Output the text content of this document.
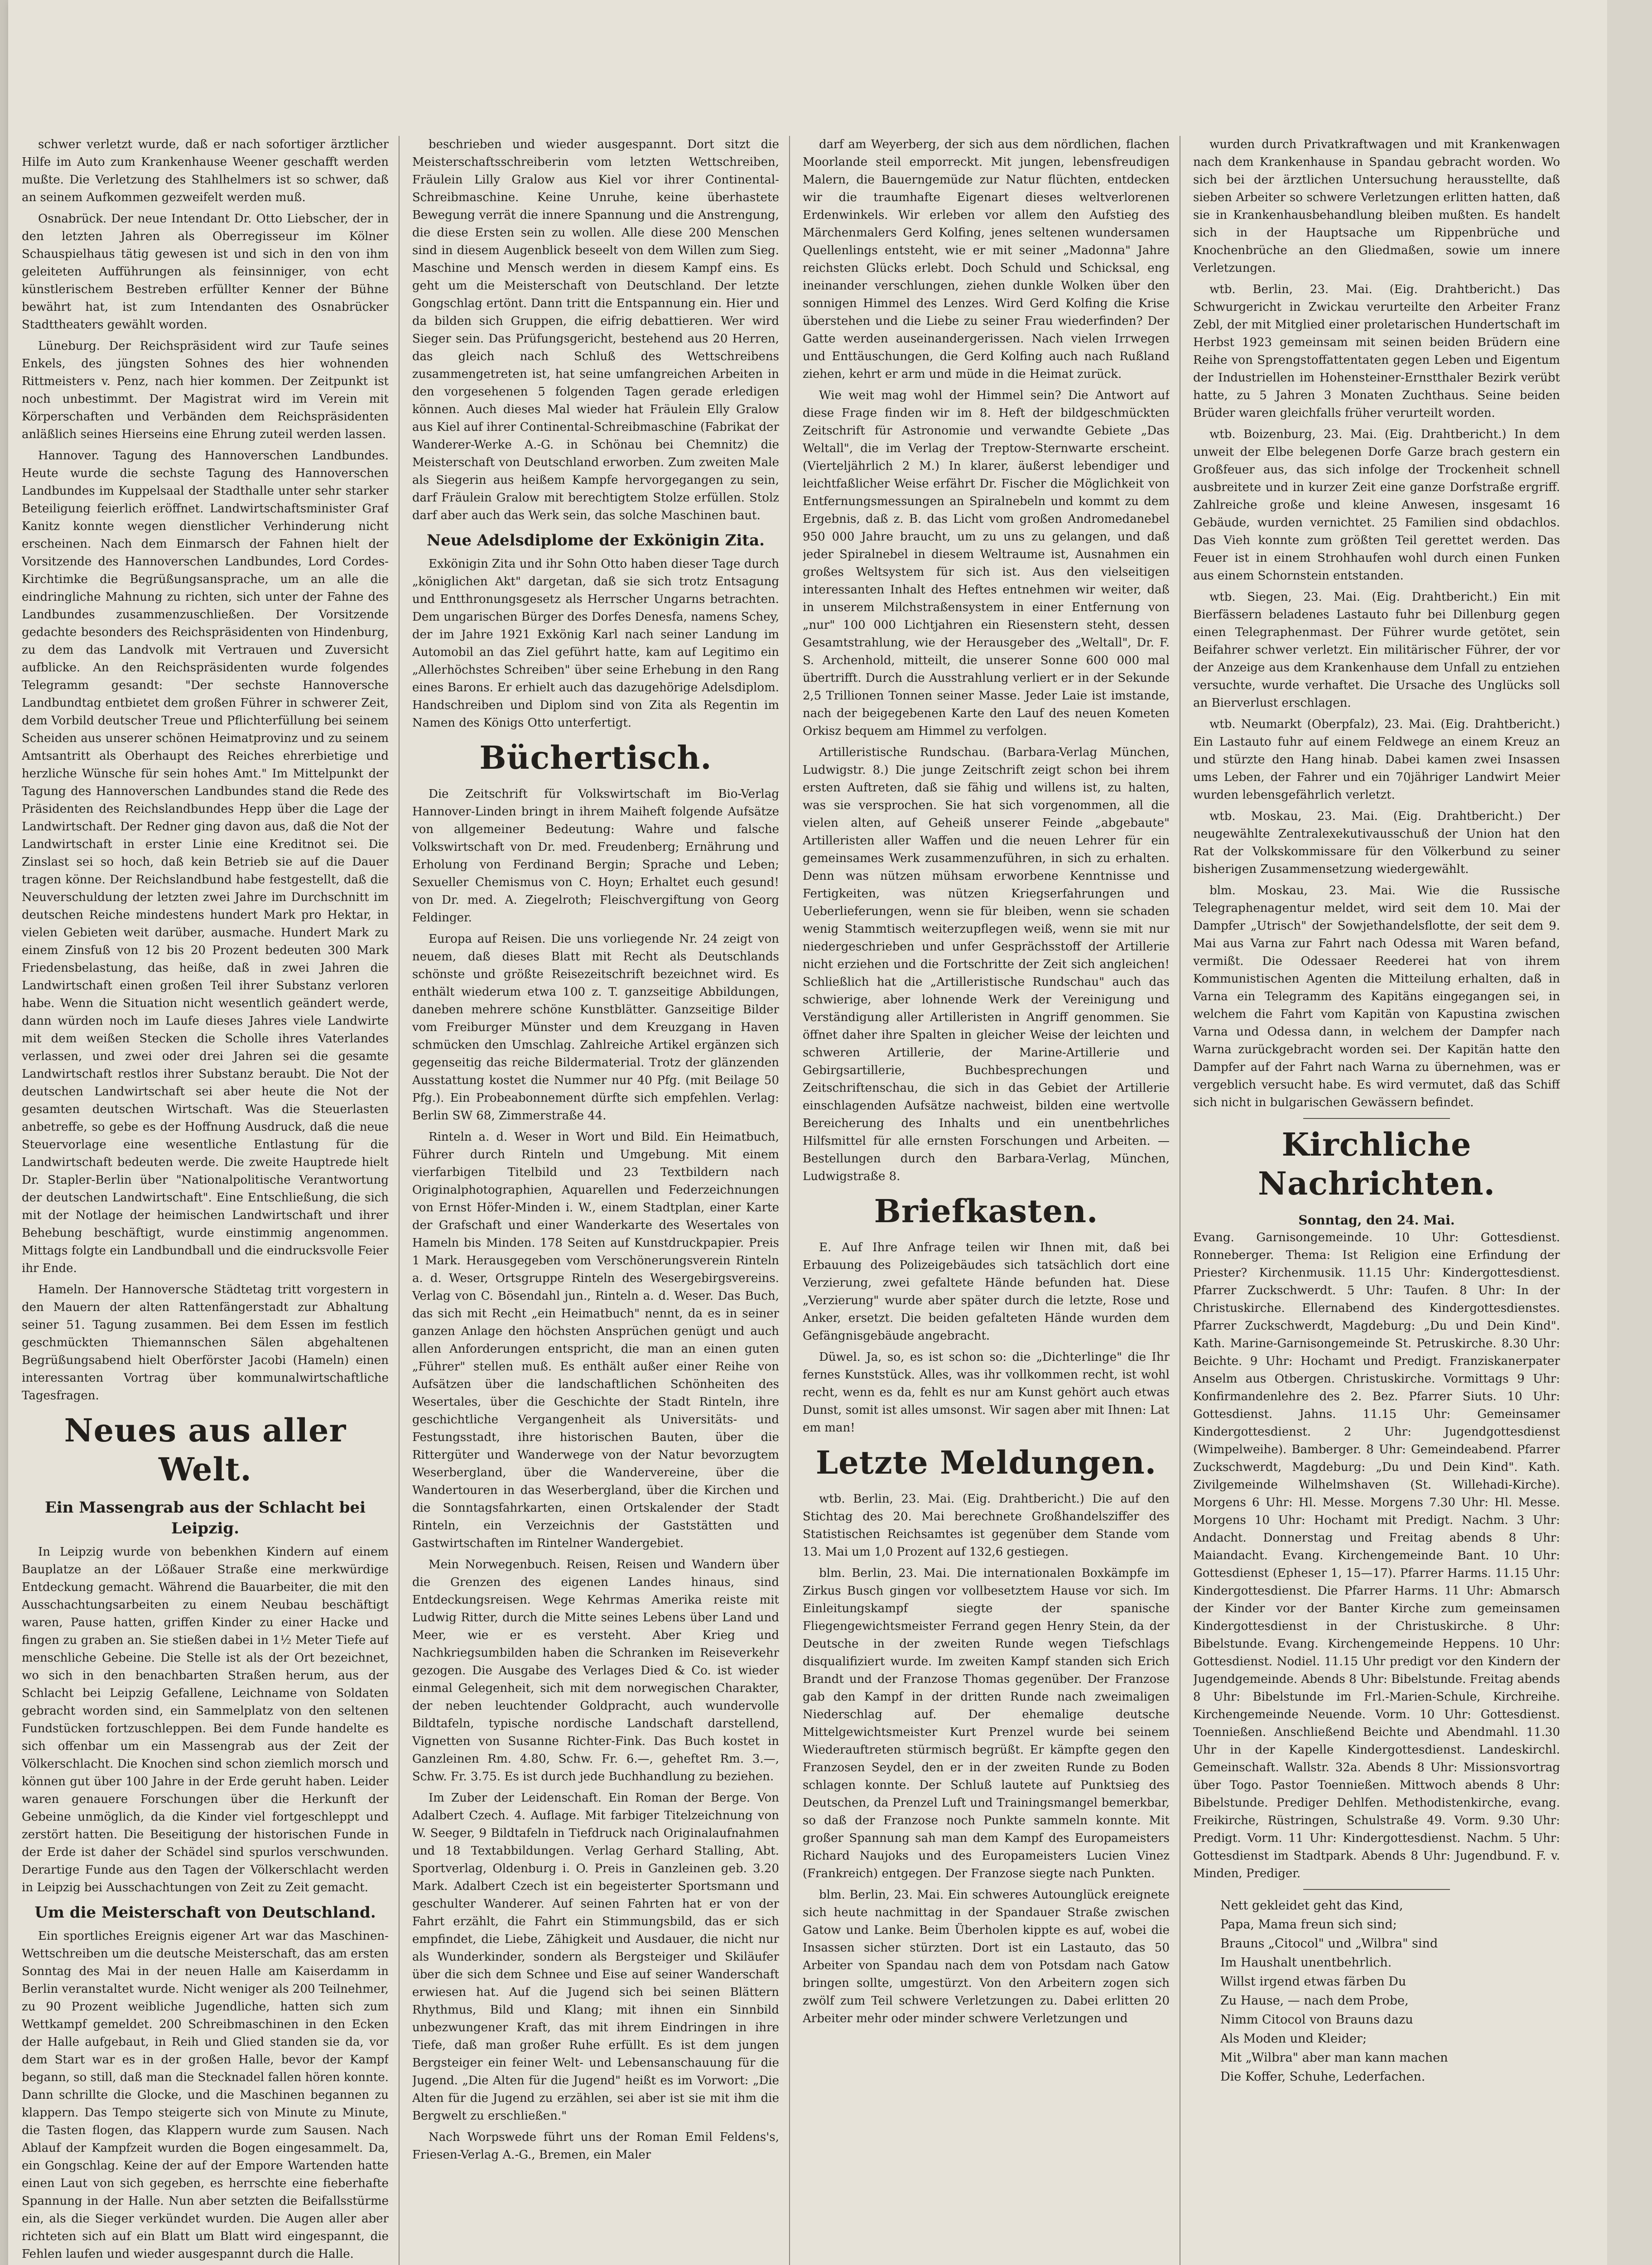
schwer verletzt wurde, daß er nach sofortiger ärztlicher Hilfe im Auto zum Krankenhause Weener geschafft werden mußte. Die Verletzung des Stahlhelmers ist so schwer, daß an seinem Aufkommen gezweifelt werden muß.

Osnabrück. Der neue Intendant Dr. Otto Liebscher, der in den letzten Jahren als Oberregisseur im Kölner Schauspielhaus tätig gewesen ist und sich in den von ihm geleiteten Aufführungen als feinsinniger, von echt künstlerischem Bestreben erfüllter Kenner der Bühne bewährt hat, ist zum Intendanten des Osnabrücker Stadttheaters gewählt worden.

Lüneburg. Der Reichspräsident wird zur Taufe seines Enkels, des jüngsten Sohnes des hier wohnenden Rittmeisters v. Penz, nach hier kommen. Der Zeitpunkt ist noch unbestimmt. Der Magistrat wird im Verein mit Körperschaften und Verbänden dem Reichspräsidenten anläßlich seines Hierseins eine Ehrung zuteil werden lassen.

Hannover. Tagung des Hannoverschen Landbundes. Heute wurde die sechste Tagung des Hannoverschen Landbundes im Kuppelsaal der Stadthalle unter sehr starker Beteiligung feierlich eröffnet. Landwirtschaftsminister Graf Kanitz konnte wegen dienstlicher Verhinderung nicht erscheinen. Nach dem Einmarsch der Fahnen hielt der Vorsitzende des Hannoverschen Landbundes, Lord Cordes-Kirchtimke die Begrüßungsansprache, um an alle die eindringliche Mahnung zu richten, sich unter der Fahne des Landbundes zusammenzuschließen. Der Vorsitzende gedachte besonders des Reichspräsidenten von Hindenburg, zu dem das Landvolk mit Vertrauen und Zuversicht aufblicke. An den Reichspräsidenten wurde folgendes Telegramm gesandt: "Der sechste Hannoversche Landbundtag entbietet dem großen Führer in schwerer Zeit, dem Vorbild deutscher Treue und Pflichterfüllung bei seinem Scheiden aus unserer schönen Heimatprovinz und zu seinem Amtsantritt als Oberhaupt des Reiches ehrerbietige und herzliche Wünsche für sein hohes Amt." Im Mittelpunkt der Tagung des Hannoverschen Landbundes stand die Rede des Präsidenten des Reichslandbundes Hepp über die Lage der Landwirtschaft. Der Redner ging davon aus, daß die Not der Landwirtschaft in erster Linie eine Kreditnot sei. Die Zinslast sei so hoch, daß kein Betrieb sie auf die Dauer tragen könne. Der Reichslandbund habe festgestellt, daß die Neuverschuldung der letzten zwei Jahre im Durchschnitt im deutschen Reiche mindestens hundert Mark pro Hektar, in vielen Gebieten weit darüber, ausmache. Hundert Mark zu einem Zinsfuß von 12 bis 20 Prozent bedeuten 300 Mark Friedensbelastung, das heiße, daß in zwei Jahren die Landwirtschaft einen großen Teil ihrer Substanz verloren habe. Wenn die Situation nicht wesentlich geändert werde, dann würden noch im Laufe dieses Jahres viele Landwirte mit dem weißen Stecken die Scholle ihres Vaterlandes verlassen, und zwei oder drei Jahren sei die gesamte Landwirtschaft restlos ihrer Substanz beraubt. Die Not der deutschen Landwirtschaft sei aber heute die Not der gesamten deutschen Wirtschaft. Was die Steuerlasten anbetreffe, so gebe es der Hoffnung Ausdruck, daß die neue Steuervorlage eine wesentliche Entlastung für die Landwirtschaft bedeuten werde. Die zweite Hauptrede hielt Dr. Stapler-Berlin über "Nationalpolitische Verantwortung der deutschen Landwirtschaft". Eine Entschließung, die sich mit der Notlage der heimischen Landwirtschaft und ihrer Behebung beschäftigt, wurde einstimmig angenommen. Mittags folgte ein Landbundball und die eindrucksvolle Feier ihr Ende.

Hameln. Der Hannoversche Städtetag tritt vorgestern in den Mauern der alten Rattenfängerstadt zur Abhaltung seiner 51. Tagung zusammen. Bei dem Essen im festlich geschmückten Thiemannschen Sälen abgehaltenen Begrüßungsabend hielt Oberförster Jacobi (Hameln) einen interessanten Vortrag über kommunalwirtschaftliche Tagesfragen.

Neues aus aller Welt.
Ein Massengrab aus der Schlacht bei Leipzig.

In Leipzig wurde von bebenkhen Kindern auf einem Bauplatze an der Lößauer Straße eine merkwürdige Entdeckung gemacht. Während die Bauarbeiter, die mit den Ausschachtungsarbeiten zu einem Neubau beschäftigt waren, Pause hatten, griffen Kinder zu einer Hacke und fingen zu graben an. Sie stießen dabei in 1½ Meter Tiefe auf menschliche Gebeine. Die Stelle ist als der Ort bezeichnet, wo sich in den benachbarten Straßen herum, aus der Schlacht bei Leipzig Gefallene, Leichname von Soldaten gebracht worden sind, ein Sammelplatz von den seltenen Fundstücken fortzuschleppen. Bei dem Funde handelte es sich offenbar um ein Massengrab aus der Zeit der Völkerschlacht. Die Knochen sind schon ziemlich morsch und können gut über 100 Jahre in der Erde geruht haben. Leider waren genauere Forschungen über die Herkunft der Gebeine unmöglich, da die Kinder viel fortgeschleppt und zerstört hatten. Die Beseitigung der historischen Funde in der Erde ist daher der Schädel sind spurlos verschwunden. Derartige Funde aus den Tagen der Völkerschlacht werden in Leipzig bei Ausschachtungen von Zeit zu Zeit gemacht.

Um die Meisterschaft von Deutschland.

Ein sportliches Ereignis eigener Art war das Maschinen-Wettschreiben um die deutsche Meisterschaft, das am ersten Sonntag des Mai in der neuen Halle am Kaiserdamm in Berlin veranstaltet wurde. Nicht weniger als 200 Teilnehmer, zu 90 Prozent weibliche Jugendliche, hatten sich zum Wettkampf gemeldet. 200 Schreibmaschinen in den Ecken der Halle aufgebaut, in Reih und Glied standen sie da, vor dem Start war es in der großen Halle, bevor der Kampf begann, so still, daß man die Stecknadel fallen hören konnte. Dann schrillte die Glocke, und die Maschinen begannen zu klappern. Das Tempo steigerte sich von Minute zu Minute, die Tasten flogen, das Klappern wurde zum Sausen. Nach Ablauf der Kampfzeit wurden die Bogen eingesammelt. Da, ein Gongschlag. Keine der auf der Empore Wartenden hatte einen Laut von sich gegeben, es herrschte eine fieberhafte Spannung in der Halle. Nun aber setzten die Beifallsstürme ein, als die Sieger verkündet wurden. Die Augen aller aber richteten sich auf ein Blatt um Blatt wird eingespannt, die Fehlen laufen und wieder ausgespannt durch die Halle.

beschrieben und wieder ausgespannt. Dort sitzt die Meisterschaftsschreiberin vom letzten Wettschreiben, Fräulein Lilly Gralow aus Kiel vor ihrer Continental-Schreibmaschine. Keine Unruhe, keine überhastete Bewegung verrät die innere Spannung und die Anstrengung, die diese Ersten sein zu wollen. Alle diese 200 Menschen sind in diesem Augenblick beseelt von dem Willen zum Sieg. Maschine und Mensch werden in diesem Kampf eins. Es geht um die Meisterschaft von Deutschland. Der letzte Gongschlag ertönt. Dann tritt die Entspannung ein. Hier und da bilden sich Gruppen, die eifrig debattieren. Wer wird Sieger sein. Das Prüfungsgericht, bestehend aus 20 Herren, das gleich nach Schluß des Wettschreibens zusammengetreten ist, hat seine umfangreichen Arbeiten in den vorgesehenen 5 folgenden Tagen gerade erledigen können. Auch dieses Mal wieder hat Fräulein Elly Gralow aus Kiel auf ihrer Continental-Schreibmaschine (Fabrikat der Wanderer-Werke A.-G. in Schönau bei Chemnitz) die Meisterschaft von Deutschland erworben. Zum zweiten Male als Siegerin aus heißem Kampfe hervorgegangen zu sein, darf Fräulein Gralow mit berechtigtem Stolze erfüllen. Stolz darf aber auch das Werk sein, das solche Maschinen baut.

Neue Adelsdiplome der Exkönigin Zita.

Exkönigin Zita und ihr Sohn Otto haben dieser Tage durch „königlichen Akt" dargetan, daß sie sich trotz Entsagung und Entthronungsgesetz als Herrscher Ungarns betrachten. Dem ungarischen Bürger des Dorfes Denesfa, namens Schey, der im Jahre 1921 Exkönig Karl nach seiner Landung im Automobil an das Ziel geführt hatte, kam auf Legitimo ein „Allerhöchstes Schreiben" über seine Erhebung in den Rang eines Barons. Er erhielt auch das dazugehörige Adelsdiplom. Handschreiben und Diplom sind von Zita als Regentin im Namen des Königs Otto unterfertigt.

Büchertisch.

Die Zeitschrift für Volkswirtschaft im Bio-Verlag Hannover-Linden bringt in ihrem Maiheft folgende Aufsätze von allgemeiner Bedeutung: Wahre und falsche Volkswirtschaft von Dr. med. Freudenberg; Ernährung und Erholung von Ferdinand Bergin; Sprache und Leben; Sexueller Chemismus von C. Hoyn; Erhaltet euch gesund! von Dr. med. A. Ziegelroth; Fleischvergiftung von Georg Feldinger.

Europa auf Reisen. Die uns vorliegende Nr. 24 zeigt von neuem, daß dieses Blatt mit Recht als Deutschlands schönste und größte Reisezeitschrift bezeichnet wird. Es enthält wiederum etwa 100 z. T. ganzseitige Abbildungen, daneben mehrere schöne Kunstblätter. Ganzseitige Bilder vom Freiburger Münster und dem Kreuzgang in Haven schmücken den Umschlag. Zahlreiche Artikel ergänzen sich gegenseitig das reiche Bildermaterial. Trotz der glänzenden Ausstattung kostet die Nummer nur 40 Pfg. (mit Beilage 50 Pfg.). Ein Probeabonnement dürfte sich empfehlen. Verlag: Berlin SW 68, Zimmerstraße 44.

Rinteln a. d. Weser in Wort und Bild. Ein Heimatbuch, Führer durch Rinteln und Umgebung. Mit einem vierfarbigen Titelbild und 23 Textbildern nach Originalphotographien, Aquarellen und Federzeichnungen von Ernst Höfer-Minden i. W., einem Stadtplan, einer Karte der Grafschaft und einer Wanderkarte des Wesertales von Hameln bis Minden. 178 Seiten auf Kunstdruckpapier. Preis 1 Mark. Herausgegeben vom Verschönerungsverein Rinteln a. d. Weser, Ortsgruppe Rinteln des Wesergebirgsvereins. Verlag von C. Bösendahl jun., Rinteln a. d. Weser. Das Buch, das sich mit Recht „ein Heimatbuch" nennt, da es in seiner ganzen Anlage den höchsten Ansprüchen genügt und auch allen Anforderungen entspricht, die man an einen guten „Führer" stellen muß. Es enthält außer einer Reihe von Aufsätzen über die landschaftlichen Schönheiten des Wesertales, über die Geschichte der Stadt Rinteln, ihre geschichtliche Vergangenheit als Universitäts- und Festungsstadt, ihre historischen Bauten, über die Rittergüter und Wanderwege von der Natur bevorzugtem Weserbergland, über die Wandervereine, über die Wandertouren in das Weserbergland, über die Kirchen und die Sonntagsfahrkarten, einen Ortskalender der Stadt Rinteln, ein Verzeichnis der Gaststätten und Gastwirtschaften im Rintelner Wandergebiet.

Mein Norwegenbuch. Reisen, Reisen und Wandern über die Grenzen des eigenen Landes hinaus, sind Entdeckungsreisen. Wege Kehrmas Amerika reiste mit Ludwig Ritter, durch die Mitte seines Lebens über Land und Meer, wie er es versteht. Aber Krieg und Nachkriegsumbilden haben die Schranken im Reiseverkehr gezogen. Die Ausgabe des Verlages Died & Co. ist wieder einmal Gelegenheit, sich mit dem norwegischen Charakter, der neben leuchtender Goldpracht, auch wundervolle Bildtafeln, typische nordische Landschaft darstellend, Vignetten von Susanne Richter-Fink. Das Buch kostet in Ganzleinen Rm. 4.80, Schw. Fr. 6.—, geheftet Rm. 3.—, Schw. Fr. 3.75. Es ist durch jede Buchhandlung zu beziehen.

Im Zuber der Leidenschaft. Ein Roman der Berge. Von Adalbert Czech. 4. Auflage. Mit farbiger Titelzeichnung von W. Seeger, 9 Bildtafeln in Tiefdruck nach Originalaufnahmen und 18 Textabbildungen. Verlag Gerhard Stalling, Abt. Sportverlag, Oldenburg i. O. Preis in Ganzleinen geb. 3.20 Mark. Adalbert Czech ist ein begeisterter Sportsmann und geschulter Wanderer. Auf seinen Fahrten hat er von der Fahrt erzählt, die Fahrt ein Stimmungsbild, das er sich empfindet, die Liebe, Zähigkeit und Ausdauer, die nicht nur als Wunderkinder, sondern als Bergsteiger und Skiläufer über die sich dem Schnee und Eise auf seiner Wanderschaft erwiesen hat. Auf die Jugend sich bei seinen Blättern Rhythmus, Bild und Klang; mit ihnen ein Sinnbild unbezwungener Kraft, das mit ihrem Eindringen in ihre Tiefe, daß man großer Ruhe erfüllt. Es ist dem jungen Bergsteiger ein feiner Welt- und Lebensanschauung für die Jugend. „Die Alten für die Jugend" heißt es im Vorwort: „Die Alten für die Jugend zu erzählen, sei aber ist sie mit ihm die Bergwelt zu erschließen."

Nach Worpswede führt uns der Roman Emil Feldens's, Friesen-Verlag A.-G., Bremen, ein Maler

darf am Weyerberg, der sich aus dem nördlichen, flachen Moorlande steil emporreckt. Mit jungen, lebensfreudigen Malern, die Bauerngemüde zur Natur flüchten, entdecken wir die traumhafte Eigenart dieses weltverlorenen Erdenwinkels. Wir erleben vor allem den Aufstieg des Märchenmalers Gerd Kolfing, jenes seltenen wundersamen Quellenlings entsteht, wie er mit seiner „Madonna" Jahre reichsten Glücks erlebt. Doch Schuld und Schicksal, eng ineinander verschlungen, ziehen dunkle Wolken über den sonnigen Himmel des Lenzes. Wird Gerd Kolfing die Krise überstehen und die Liebe zu seiner Frau wiederfinden? Der Gatte werden auseinandergerissen. Nach vielen Irrwegen und Enttäuschungen, die Gerd Kolfing auch nach Rußland ziehen, kehrt er arm und müde in die Heimat zurück.

Wie weit mag wohl der Himmel sein? Die Antwort auf diese Frage finden wir im 8. Heft der bildgeschmückten Zeitschrift für Astronomie und verwandte Gebiete „Das Weltall", die im Verlag der Treptow-Sternwarte erscheint. (Vierteljährlich 2 M.) In klarer, äußerst lebendiger und leichtfaßlicher Weise erfährt Dr. Fischer die Möglichkeit von Entfernungsmessungen an Spiralnebeln und kommt zu dem Ergebnis, daß z. B. das Licht vom großen Andromedanebel 950 000 Jahre braucht, um zu uns zu gelangen, und daß jeder Spiralnebel in diesem Weltraume ist, Ausnahmen ein großes Weltsystem für sich ist. Aus den vielseitigen interessanten Inhalt des Heftes entnehmen wir weiter, daß in unserem Milchstraßensystem in einer Entfernung von „nur" 100 000 Lichtjahren ein Riesenstern steht, dessen Gesamtstrahlung, wie der Herausgeber des „Weltall", Dr. F. S. Archenhold, mitteilt, die unserer Sonne 600 000 mal übertrifft. Durch die Ausstrahlung verliert er in der Sekunde 2,5 Trillionen Tonnen seiner Masse. Jeder Laie ist imstande, nach der beigegebenen Karte den Lauf des neuen Kometen Orkisz bequem am Himmel zu verfolgen.

Artilleristische Rundschau. (Barbara-Verlag München, Ludwigstr. 8.) Die junge Zeitschrift zeigt schon bei ihrem ersten Auftreten, daß sie fähig und willens ist, zu halten, was sie versprochen. Sie hat sich vorgenommen, all die vielen alten, auf Geheiß unserer Feinde „abgebaute" Artilleristen aller Waffen und die neuen Lehrer für ein gemeinsames Werk zusammenzuführen, in sich zu erhalten. Denn was nützen mühsam erworbene Kenntnisse und Fertigkeiten, was nützen Kriegserfahrungen und Ueberlieferungen, wenn sie für bleiben, wenn sie schaden wenig Stammtisch weiterzupflegen weiß, wenn sie mit nur niedergeschrieben und unfer Gesprächsstoff der Artillerie nicht erziehen und die Fortschritte der Zeit sich angleichen! Schließlich hat die „Artilleristische Rundschau" auch das schwierige, aber lohnende Werk der Vereinigung und Verständigung aller Artilleristen in Angriff genommen. Sie öffnet daher ihre Spalten in gleicher Weise der leichten und schweren Artillerie, der Marine-Artillerie und Gebirgsartillerie, Buchbesprechungen und Zeitschriftenschau, die sich in das Gebiet der Artillerie einschlagenden Aufsätze nachweist, bilden eine wertvolle Bereicherung des Inhalts und ein unentbehrliches Hilfsmittel für alle ernsten Forschungen und Arbeiten. — Bestellungen durch den Barbara-Verlag, München, Ludwigstraße 8.

Briefkasten.

E. Auf Ihre Anfrage teilen wir Ihnen mit, daß bei Erbauung des Polizeigebäudes sich tatsächlich dort eine Verzierung, zwei gefaltete Hände befunden hat. Diese „Verzierung" wurde aber später durch die letzte, Rose und Anker, ersetzt. Die beiden gefalteten Hände wurden dem Gefängnisgebäude angebracht.

Düwel. Ja, so, es ist schon so: die „Dichterlinge" die Ihr fernes Kunststück. Alles, was ihr vollkommen recht, ist wohl recht, wenn es da, fehlt es nur am Kunst gehört auch etwas Dunst, somit ist alles umsonst. Wir sagen aber mit Ihnen: Lat em man!

Letzte Meldungen.

wtb. Berlin, 23. Mai. (Eig. Drahtbericht.) Die auf den Stichtag des 20. Mai berechnete Großhandelsziffer des Statistischen Reichsamtes ist gegenüber dem Stande vom 13. Mai um 1,0 Prozent auf 132,6 gestiegen.

blm. Berlin, 23. Mai. Die internationalen Boxkämpfe im Zirkus Busch gingen vor vollbesetztem Hause vor sich. Im Einleitungskampf siegte der spanische Fliegengewichtsmeister Ferrand gegen Henry Stein, da der Deutsche in der zweiten Runde wegen Tiefschlags disqualifiziert wurde. Im zweiten Kampf standen sich Erich Brandt und der Franzose Thomas gegenüber. Der Franzose gab den Kampf in der dritten Runde nach zweimaligen Niederschlag auf. Der ehemalige deutsche Mittelgewichtsmeister Kurt Prenzel wurde bei seinem Wiederauftreten stürmisch begrüßt. Er kämpfte gegen den Franzosen Seydel, den er in der zweiten Runde zu Boden schlagen konnte. Der Schluß lautete auf Punktsieg des Deutschen, da Prenzel Luft und Trainingsmangel bemerkbar, so daß der Franzose noch Punkte sammeln konnte. Mit großer Spannung sah man dem Kampf des Europameisters Richard Naujoks und des Europameisters Lucien Vinez (Frankreich) entgegen. Der Franzose siegte nach Punkten.

blm. Berlin, 23. Mai. Ein schweres Autounglück ereignete sich heute nachmittag in der Spandauer Straße zwischen Gatow und Lanke. Beim Überholen kippte es auf, wobei die Insassen sicher stürzten. Dort ist ein Lastauto, das 50 Arbeiter von Spandau nach dem von Potsdam nach Gatow bringen sollte, umgestürzt. Von den Arbeitern zogen sich zwölf zum Teil schwere Verletzungen zu. Dabei erlitten 20 Arbeiter mehr oder minder schwere Verletzungen und

wurden durch Privatkraftwagen und mit Krankenwagen nach dem Krankenhause in Spandau gebracht worden. Wo sich bei der ärztlichen Untersuchung herausstellte, daß sieben Arbeiter so schwere Verletzungen erlitten hatten, daß sie in Krankenhausbehandlung bleiben mußten. Es handelt sich in der Hauptsache um Rippenbrüche und Knochenbrüche an den Gliedmaßen, sowie um innere Verletzungen.

wtb. Berlin, 23. Mai. (Eig. Drahtbericht.) Das Schwurgericht in Zwickau verurteilte den Arbeiter Franz Zebl, der mit Mitglied einer proletarischen Hundertschaft im Herbst 1923 gemeinsam mit seinen beiden Brüdern eine Reihe von Sprengstoffattentaten gegen Leben und Eigentum der Industriellen im Hohensteiner-Ernstthaler Bezirk verübt hatte, zu 5 Jahren 3 Monaten Zuchthaus. Seine beiden Brüder waren gleichfalls früher verurteilt worden.

wtb. Boizenburg, 23. Mai. (Eig. Drahtbericht.) In dem unweit der Elbe belegenen Dorfe Garze brach gestern ein Großfeuer aus, das sich infolge der Trockenheit schnell ausbreitete und in kurzer Zeit eine ganze Dorfstraße ergriff. Zahlreiche große und kleine Anwesen, insgesamt 16 Gebäude, wurden vernichtet. 25 Familien sind obdachlos. Das Vieh konnte zum größten Teil gerettet werden. Das Feuer ist in einem Strohhaufen wohl durch einen Funken aus einem Schornstein entstanden.

wtb. Siegen, 23. Mai. (Eig. Drahtbericht.) Ein mit Bierfässern beladenes Lastauto fuhr bei Dillenburg gegen einen Telegraphenmast. Der Führer wurde getötet, sein Beifahrer schwer verletzt. Ein militärischer Führer, der vor der Anzeige aus dem Krankenhause dem Unfall zu entziehen versuchte, wurde verhaftet. Die Ursache des Unglücks soll an Bierverlust erschlagen.

wtb. Neumarkt (Oberpfalz), 23. Mai. (Eig. Drahtbericht.) Ein Lastauto fuhr auf einem Feldwege an einem Kreuz an und stürzte den Hang hinab. Dabei kamen zwei Insassen ums Leben, der Fahrer und ein 70jähriger Landwirt Meier wurden lebensgefährlich verletzt.

wtb. Moskau, 23. Mai. (Eig. Drahtbericht.) Der neugewählte Zentralexekutivausschuß der Union hat den Rat der Volkskommissare für den Völkerbund zu seiner bisherigen Zusammensetzung wiedergewählt.

blm. Moskau, 23. Mai. Wie die Russische Telegraphenagentur meldet, wird seit dem 10. Mai der Dampfer „Utrisch" der Sowjethandelsflotte, der seit dem 9. Mai aus Varna zur Fahrt nach Odessa mit Waren befand, vermißt. Die Odessaer Reederei hat von ihrem Kommunistischen Agenten die Mitteilung erhalten, daß in Varna ein Telegramm des Kapitäns eingegangen sei, in welchem die Fahrt vom Kapitän von Kapustina zwischen Varna und Odessa dann, in welchem der Dampfer nach Warna zurückgebracht worden sei. Der Kapitän hatte den Dampfer auf der Fahrt nach Warna zu übernehmen, was er vergeblich versucht habe. Es wird vermutet, daß das Schiff sich nicht in bulgarischen Gewässern befindet.

Kirchliche Nachrichten.
Sonntag, den 24. Mai.

Evang. Garnisongemeinde. 10 Uhr: Gottesdienst. Ronneberger. Thema: Ist Religion eine Erfindung der Priester? Kirchenmusik. 11.15 Uhr: Kindergottesdienst. Pfarrer Zuckschwerdt. 5 Uhr: Taufen. 8 Uhr: In der Christuskirche. Ellernabend des Kindergottesdienstes. Pfarrer Zuckschwerdt, Magdeburg: „Du und Dein Kind". Kath. Marine-Garnisongemeinde St. Petruskirche. 8.30 Uhr: Beichte. 9 Uhr: Hochamt und Predigt. Franziskanerpater Anselm aus Otbergen. Christuskirche. Vormittags 9 Uhr: Konfirmandenlehre des 2. Bez. Pfarrer Siuts. 10 Uhr: Gottesdienst. Jahns. 11.15 Uhr: Gemeinsamer Kindergottesdienst. 2 Uhr: Jugendgottesdienst (Wimpelweihe). Bamberger. 8 Uhr: Gemeindeabend. Pfarrer Zuckschwerdt, Magdeburg: „Du und Dein Kind". Kath. Zivilgemeinde Wilhelmshaven (St. Willehadi-Kirche). Morgens 6 Uhr: Hl. Messe. Morgens 7.30 Uhr: Hl. Messe. Morgens 10 Uhr: Hochamt mit Predigt. Nachm. 3 Uhr: Andacht. Donnerstag und Freitag abends 8 Uhr: Maiandacht. Evang. Kirchengemeinde Bant. 10 Uhr: Gottesdienst (Epheser 1, 15—17). Pfarrer Harms. 11.15 Uhr: Kindergottesdienst. Die Pfarrer Harms. 11 Uhr: Abmarsch der Kinder vor der Banter Kirche zum gemeinsamen Kindergottesdienst in der Christuskirche. 8 Uhr: Bibelstunde. Evang. Kirchengemeinde Heppens. 10 Uhr: Gottesdienst. Nodiel. 11.15 Uhr predigt vor den Kindern der Jugendgemeinde. Abends 8 Uhr: Bibelstunde. Freitag abends 8 Uhr: Bibelstunde im Frl.-Marien-Schule, Kirchreihe. Kirchengemeinde Neuende. Vorm. 10 Uhr: Gottesdienst. Toennießen. Anschließend Beichte und Abendmahl. 11.30 Uhr in der Kapelle Kindergottesdienst. Landeskirchl. Gemeinschaft. Wallstr. 32a. Abends 8 Uhr: Missionsvortrag über Togo. Pastor Toennießen. Mittwoch abends 8 Uhr: Bibelstunde. Prediger Dehlfen. Methodistenkirche, evang. Freikirche, Rüstringen, Schulstraße 49. Vorm. 9.30 Uhr: Predigt. Vorm. 11 Uhr: Kindergottesdienst. Nachm. 5 Uhr: Gottesdienst im Stadtpark. Abends 8 Uhr: Jugendbund. F. v. Minden, Prediger.

Nett gekleidet geht das Kind,
Papa, Mama freun sich sind;
Brauns „Citocol" und „Wilbra" sind
Im Haushalt unentbehrlich.
Willst irgend etwas färben Du
Zu Hause, — nach dem Probe,
Nimm Citocol von Brauns dazu
Als Moden und Kleider;
Mit „Wilbra" aber man kann machen
Die Koffer, Schuhe, Lederfachen.
